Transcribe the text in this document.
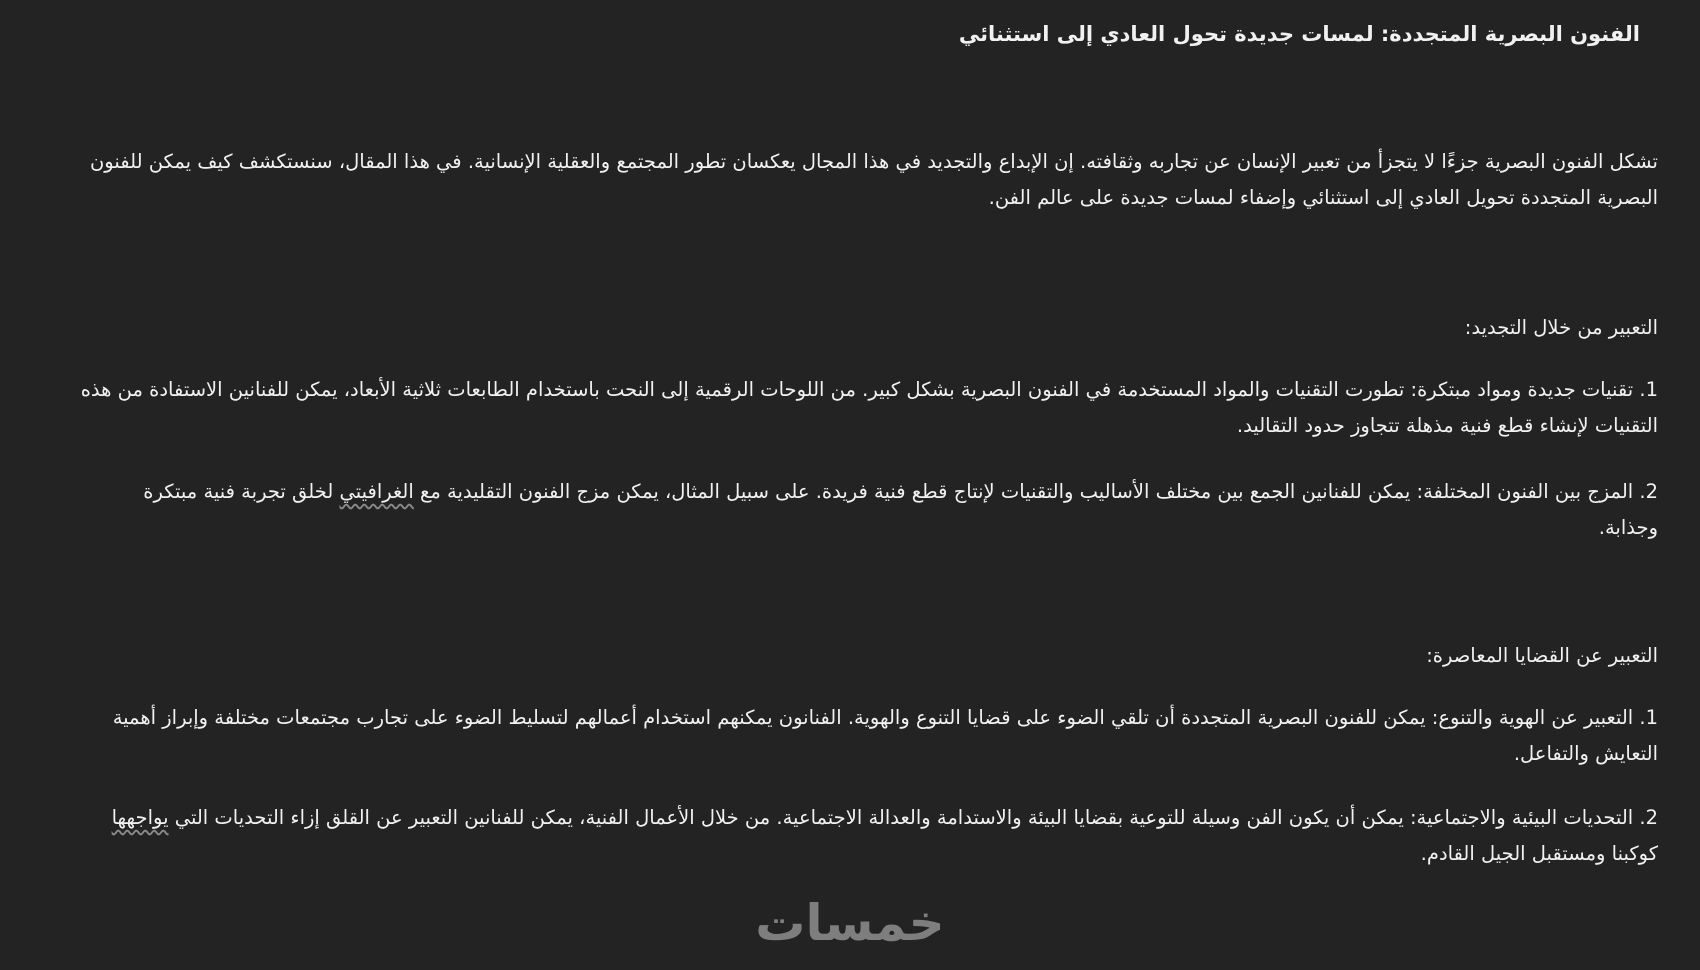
الفنون البصرية المتجددة: لمسات جديدة تحول العادي إلى استثنائي

تشكل الفنون البصرية جزءًا لا يتجزأ من تعبير الإنسان عن تجاربه وثقافته. إن الإبداع والتجديد في هذا المجال يعكسان تطور المجتمع والعقلية الإنسانية. في هذا المقال، سنستكشف كيف يمكن للفنون البصرية المتجددة تحويل العادي إلى استثنائي وإضفاء لمسات جديدة على عالم الفن.

التعبير من خلال التجديد:

1. تقنيات جديدة ومواد مبتكرة: تطورت التقنيات والمواد المستخدمة في الفنون البصرية بشكل كبير. من اللوحات الرقمية إلى النحت باستخدام الطابعات ثلاثية الأبعاد، يمكن للفنانين الاستفادة من هذه التقنيات لإنشاء قطع فنية مذهلة تتجاوز حدود التقاليد.

2. المزج بين الفنون المختلفة: يمكن للفنانين الجمع بين مختلف الأساليب والتقنيات لإنتاج قطع فنية فريدة. على سبيل المثال، يمكن مزج الفنون التقليدية مع الغرافيتي لخلق تجربة فنية مبتكرة وجذابة.

التعبير عن القضايا المعاصرة:

1. التعبير عن الهوية والتنوع: يمكن للفنون البصرية المتجددة أن تلقي الضوء على قضايا التنوع والهوية. الفنانون يمكنهم استخدام أعمالهم لتسليط الضوء على تجارب مجتمعات مختلفة وإبراز أهمية التعايش والتفاعل.

2. التحديات البيئية والاجتماعية: يمكن أن يكون الفن وسيلة للتوعية بقضايا البيئة والاستدامة والعدالة الاجتماعية. من خلال الأعمال الفنية، يمكن للفنانين التعبير عن القلق إزاء التحديات التي يواجهها كوكبنا ومستقبل الجيل القادم.

خمسات
